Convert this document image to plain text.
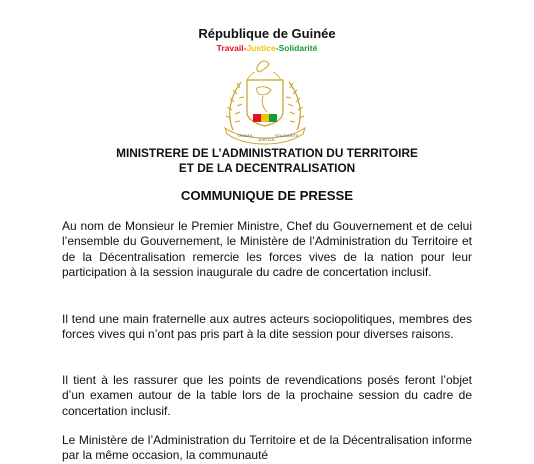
République de Guinée
Travail-Justice-Solidarité
TRAVAIL
JUSTICE
SOLIDARITE
MINISTRERE DE L’ADMINISTRATION DU TERRITOIRE
ET DE LA DECENTRALISATION
COMMUNIQUE DE PRESSE
Au nom de Monsieur le Premier Ministre, Chef du Gouvernement et de celui l’ensemble du Gouvernement, le Ministère de l’Administration du Territoire et de la Décentralisation remercie les forces vives de la nation pour leur participation à la session inaugurale du cadre de concertation inclusif.
Il tend une main fraternelle aux autres acteurs sociopolitiques, membres des forces vives qui n’ont pas pris part à la dite session pour diverses raisons.
Il tient à les rassurer que les points de revendications posés feront l’objet d’un examen autour de la table lors de la prochaine session du cadre de concertation inclusif.
Le Ministère de l’Administration du Territoire et de la Décentralisation informe par la même occasion, la communauté
